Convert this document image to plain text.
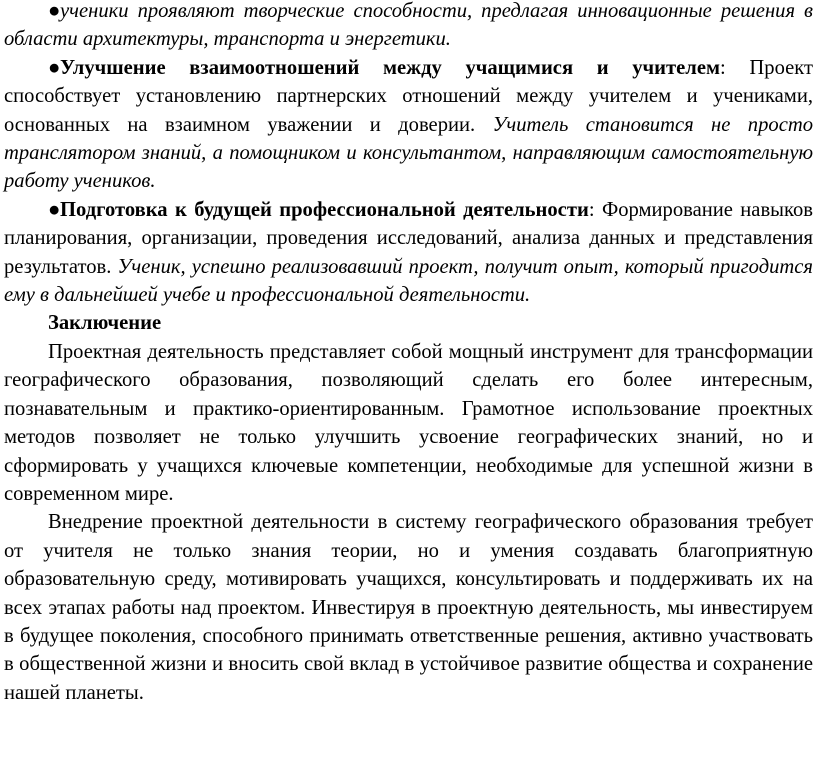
●ученики проявляют творческие способности, предлагая инновационные решения в области архитектуры, транспорта и энергетики.

●Улучшение взаимоотношений между учащимися и учителем: Проект способствует установлению партнерских отношений между учителем и учениками, основанных на взаимном уважении и доверии. Учитель становится не просто транслятором знаний, а помощником и консультантом, направляющим самостоятельную работу учеников.

●Подготовка к будущей профессиональной деятельности: Формирование навыков планирования, организации, проведения исследований, анализа данных и представления результатов. Ученик, успешно реализовавший проект, получит опыт, который пригодится ему в дальнейшей учебе и профессиональной деятельности.

Заключение

Проектная деятельность представляет собой мощный инструмент для трансформации географического образования, позволяющий сделать его более интересным, познавательным и практико-ориентированным. Грамотное использование проектных методов позволяет не только улучшить усвоение географических знаний, но и сформировать у учащихся ключевые компетенции, необходимые для успешной жизни в современном мире.

Внедрение проектной деятельности в систему географического образования требует от учителя не только знания теории, но и умения создавать благоприятную образовательную среду, мотивировать учащихся, консультировать и поддерживать их на всех этапах работы над проектом. Инвестируя в проектную деятельность, мы инвестируем в будущее поколения, способного принимать ответственные решения, активно участвовать в общественной жизни и вносить свой вклад в устойчивое развитие общества и сохранение нашей планеты.
